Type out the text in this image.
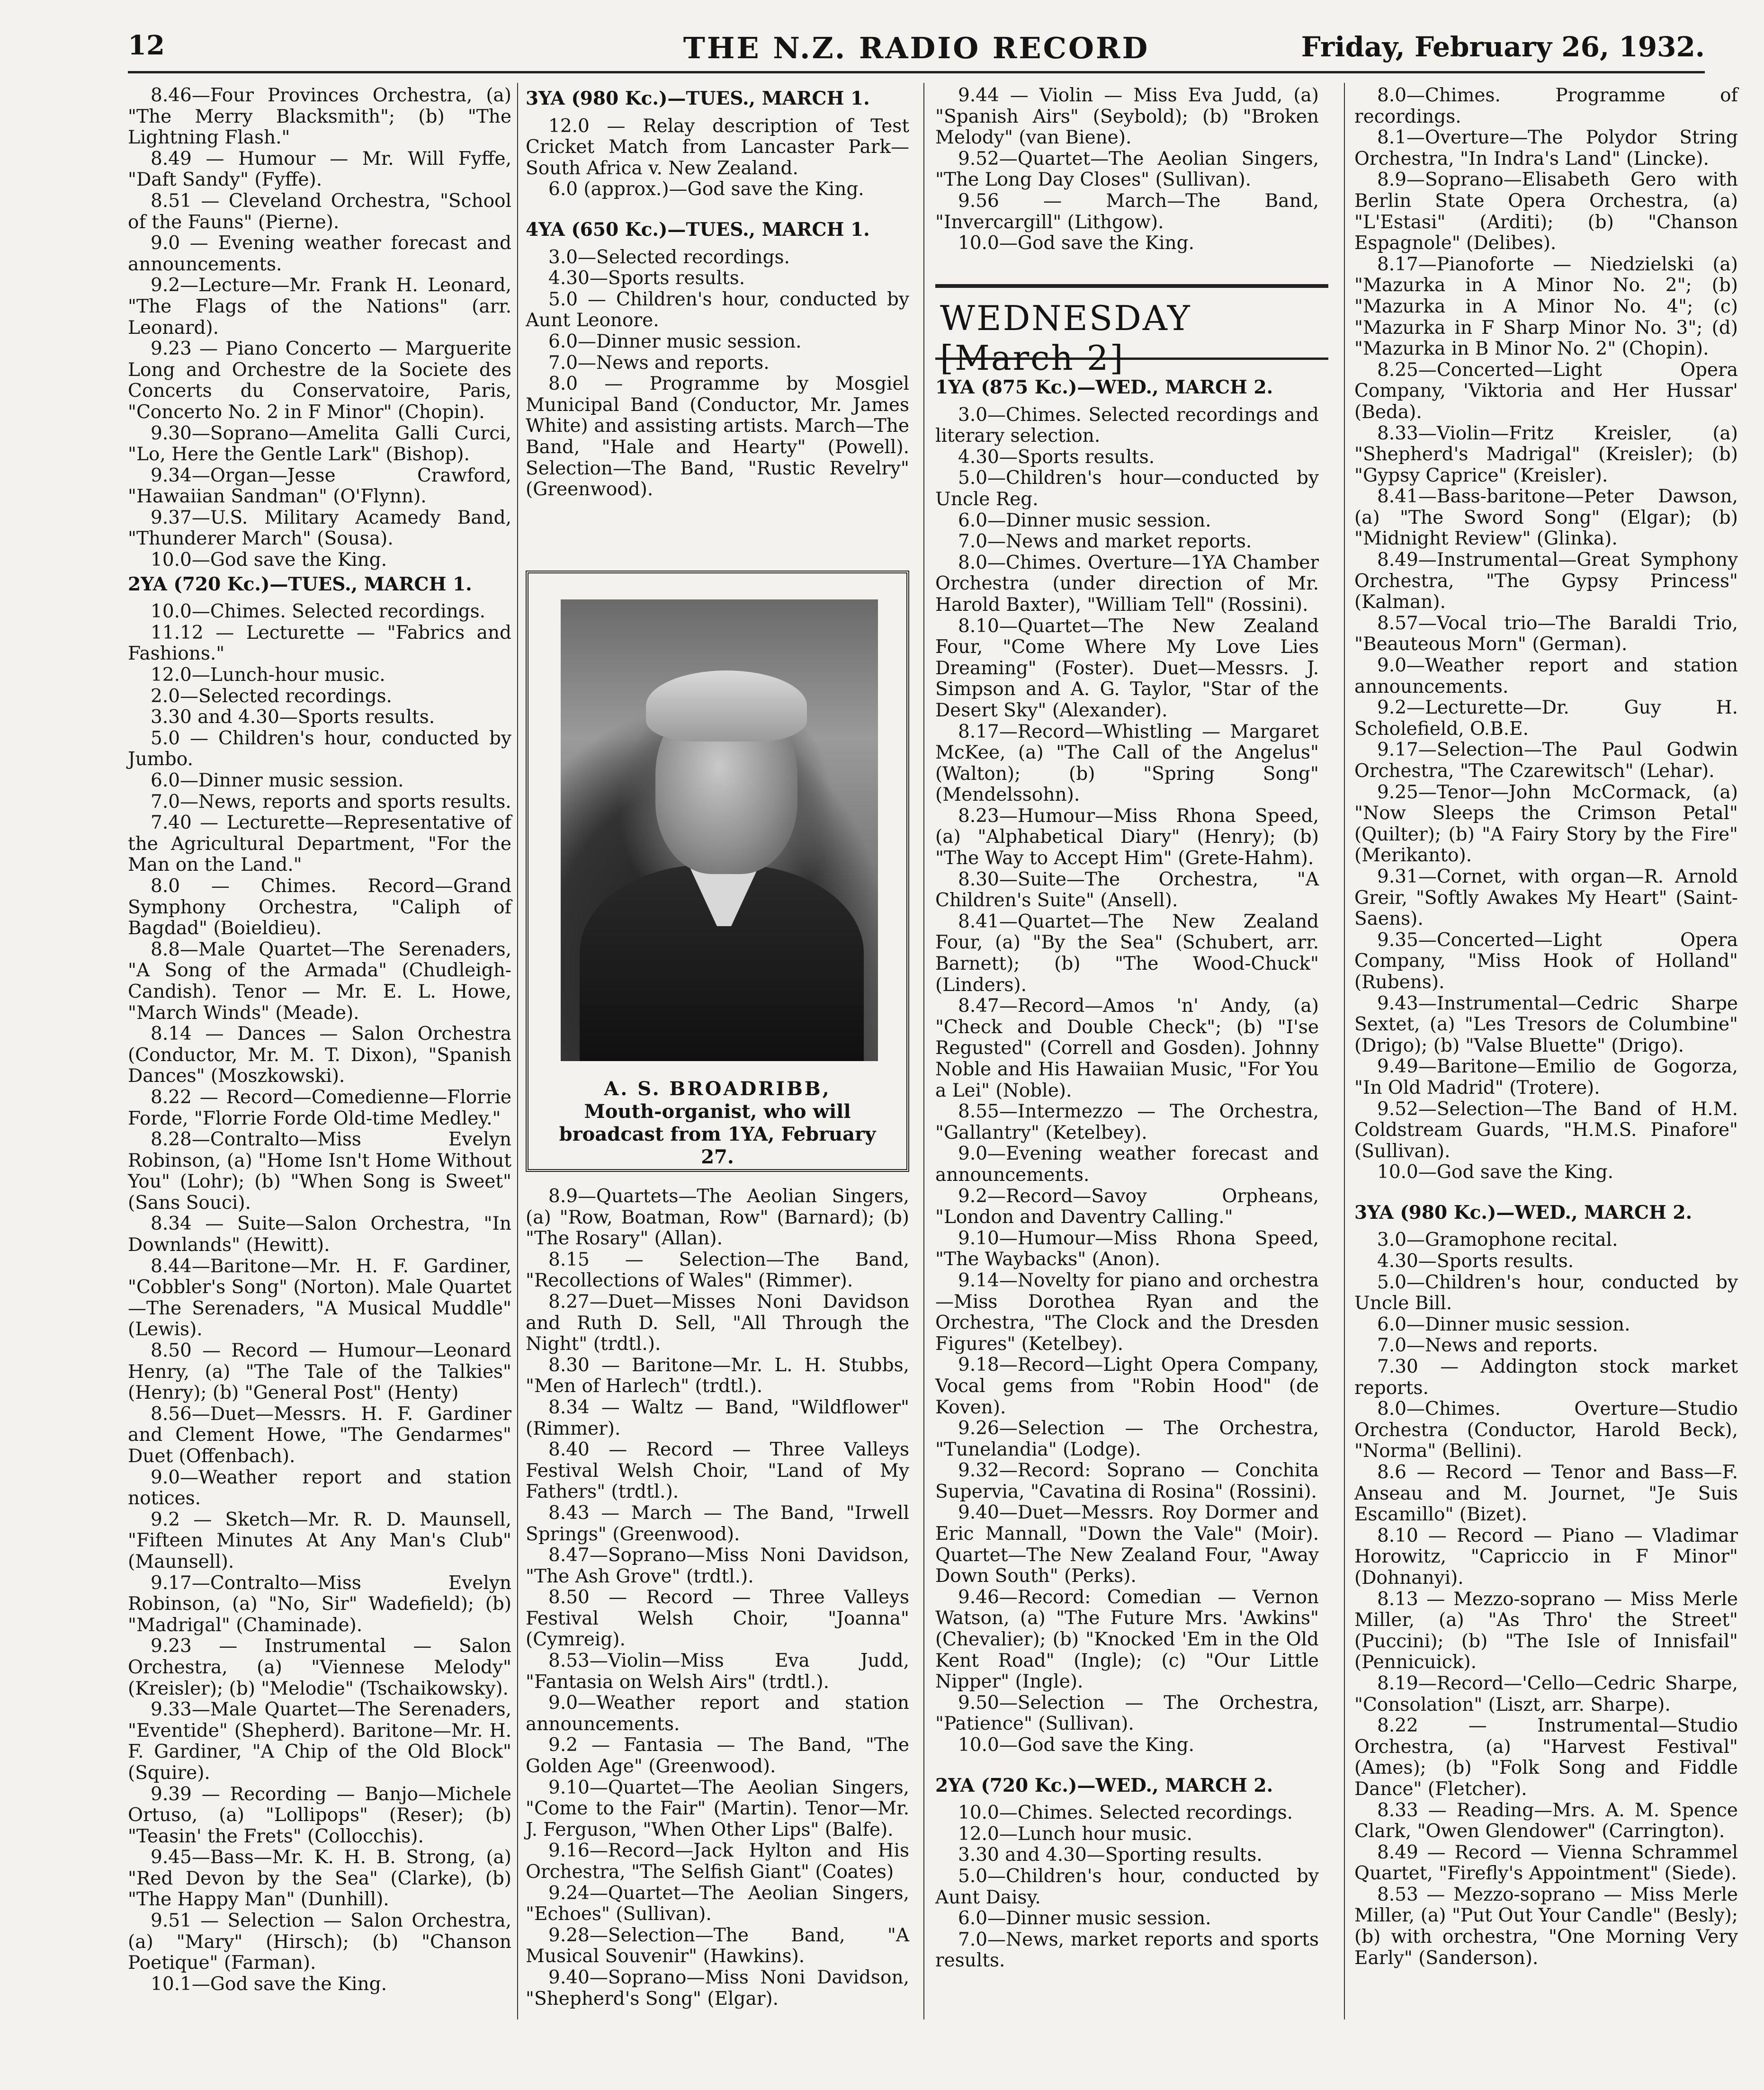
12	THE N.Z. RADIO RECORD	Friday, February 26, 1932.

8.46—Four Provinces Orchestra, (a) "The Merry Blacksmith"; (b) "The Lightning Flash."

8.49 — Humour — Mr. Will Fyffe, "Daft Sandy" (Fyffe).

8.51 — Cleveland Orchestra, "School of the Fauns" (Pierne).

9.0 — Evening weather forecast and announcements.

9.2—Lecture—Mr. Frank H. Leonard, "The Flags of the Nations" (arr. Leonard).

9.23 — Piano Concerto — Marguerite Long and Orchestre de la Societe des Concerts du Conservatoire, Paris, "Concerto No. 2 in F Minor" (Chopin).

9.30—Soprano—Amelita Galli Curci, "Lo, Here the Gentle Lark" (Bishop).

9.34—Organ—Jesse Crawford, "Hawaiian Sandman" (O'Flynn).

9.37—U.S. Military Acamedy Band, "Thunderer March" (Sousa).

10.0—God save the King.

2YA (720 Kc.)—TUES., MARCH 1.

10.0—Chimes. Selected recordings.

11.12 — Lecturette — "Fabrics and Fashions."

12.0—Lunch-hour music.

2.0—Selected recordings.

3.30 and 4.30—Sports results.

5.0 — Children's hour, conducted by Jumbo.

6.0—Dinner music session.

7.0—News, reports and sports results.

7.40 — Lecturette—Representative of the Agricultural Department, "For the Man on the Land."

8.0 — Chimes. Record—Grand Symphony Orchestra, "Caliph of Bagdad" (Boieldieu).

8.8—Male Quartet—The Serenaders, "A Song of the Armada" (Chudleigh-Candish). Tenor — Mr. E. L. Howe, "March Winds" (Meade).

8.14 — Dances — Salon Orchestra (Conductor, Mr. M. T. Dixon), "Spanish Dances" (Moszkowski).

8.22 — Record—Comedienne—Florrie Forde, "Florrie Forde Old-time Medley."

8.28—Contralto—Miss Evelyn Robinson, (a) "Home Isn't Home Without You" (Lohr); (b) "When Song is Sweet" (Sans Souci).

8.34 — Suite—Salon Orchestra, "In Downlands" (Hewitt).

8.44—Baritone—Mr. H. F. Gardiner, "Cobbler's Song" (Norton). Male Quartet—The Serenaders, "A Musical Muddle" (Lewis).

8.50 — Record — Humour—Leonard Henry, (a) "The Tale of the Talkies" (Henry); (b) "General Post" (Henty)

8.56—Duet—Messrs. H. F. Gardiner and Clement Howe, "The Gendarmes" Duet (Offenbach).

9.0—Weather report and station notices.

9.2 — Sketch—Mr. R. D. Maunsell, "Fifteen Minutes At Any Man's Club" (Maunsell).

9.17—Contralto—Miss Evelyn Robinson, (a) "No, Sir" Wadefield); (b) "Madrigal" (Chaminade).

9.23 — Instrumental — Salon Orchestra, (a) "Viennese Melody" (Kreisler); (b) "Melodie" (Tschaikowsky).

9.33—Male Quartet—The Serenaders, "Eventide" (Shepherd). Baritone—Mr. H. F. Gardiner, "A Chip of the Old Block" (Squire).

9.39 — Recording — Banjo—Michele Ortuso, (a) "Lollipops" (Reser); (b) "Teasin' the Frets" (Collocchis).

9.45—Bass—Mr. K. H. B. Strong, (a) "Red Devon by the Sea" (Clarke), (b) "The Happy Man" (Dunhill).

9.51 — Selection — Salon Orchestra, (a) "Mary" (Hirsch); (b) "Chanson Poetique" (Farman).

10.1—God save the King.

3YA (980 Kc.)—TUES., MARCH 1.

12.0 — Relay description of Test Cricket Match from Lancaster Park—South Africa v. New Zealand.

6.0 (approx.)—God save the King.

4YA (650 Kc.)—TUES., MARCH 1.

3.0—Selected recordings.

4.30—Sports results.

5.0 — Children's hour, conducted by Aunt Leonore.

6.0—Dinner music session.

7.0—News and reports.

8.0 — Programme by Mosgiel Municipal Band (Conductor, Mr. James White) and assisting artists. March—The Band, "Hale and Hearty" (Powell). Selection—The Band, "Rustic Revelry" (Greenwood).

8.9—Quartets—The Aeolian Singers, (a) "Row, Boatman, Row" (Barnard); (b) "The Rosary" (Allan).

8.15 — Selection—The Band, "Recollections of Wales" (Rimmer).

8.27—Duet—Misses Noni Davidson and Ruth D. Sell, "All Through the Night" (trdtl.).

8.30 — Baritone—Mr. L. H. Stubbs, "Men of Harlech" (trdtl.).

8.34 — Waltz — Band, "Wildflower" (Rimmer).

8.40 — Record — Three Valleys Festival Welsh Choir, "Land of My Fathers" (trdtl.).

8.43 — March — The Band, "Irwell Springs" (Greenwood).

8.47—Soprano—Miss Noni Davidson, "The Ash Grove" (trdtl.).

8.50 — Record — Three Valleys Festival Welsh Choir, "Joanna" (Cymreig).

8.53—Violin—Miss Eva Judd, "Fantasia on Welsh Airs" (trdtl.).

9.0—Weather report and station announcements.

9.2 — Fantasia — The Band, "The Golden Age" (Greenwood).

9.10—Quartet—The Aeolian Singers, "Come to the Fair" (Martin). Tenor—Mr. J. Ferguson, "When Other Lips" (Balfe).

9.16—Record—Jack Hylton and His Orchestra, "The Selfish Giant" (Coates)

9.24—Quartet—The Aeolian Singers, "Echoes" (Sullivan).

9.28—Selection—The Band, "A Musical Souvenir" (Hawkins).

9.40—Soprano—Miss Noni Davidson, "Shepherd's Song" (Elgar).

A. S. BROADRIBB,
Mouth-organist, who will broadcast from 1YA, February 27.

9.44 — Violin — Miss Eva Judd, (a) "Spanish Airs" (Seybold); (b) "Broken Melody" (van Biene).

9.52—Quartet—The Aeolian Singers, "The Long Day Closes" (Sullivan).

9.56 — March—The Band, "Invercargill" (Lithgow).

10.0—God save the King.

WEDNESDAY [March 2]

1YA (875 Kc.)—WED., MARCH 2.

3.0—Chimes. Selected recordings and literary selection.

4.30—Sports results.

5.0—Children's hour—conducted by Uncle Reg.

6.0—Dinner music session.

7.0—News and market reports.

8.0—Chimes. Overture—1YA Chamber Orchestra (under direction of Mr. Harold Baxter), "William Tell" (Rossini).

8.10—Quartet—The New Zealand Four, "Come Where My Love Lies Dreaming" (Foster). Duet—Messrs. J. Simpson and A. G. Taylor, "Star of the Desert Sky" (Alexander).

8.17—Record—Whistling — Margaret McKee, (a) "The Call of the Angelus" (Walton); (b) "Spring Song" (Mendelssohn).

8.23—Humour—Miss Rhona Speed, (a) "Alphabetical Diary" (Henry); (b) "The Way to Accept Him" (Grete-Hahm).

8.30—Suite—The Orchestra, "A Children's Suite" (Ansell).

8.41—Quartet—The New Zealand Four, (a) "By the Sea" (Schubert, arr. Barnett); (b) "The Wood-Chuck" (Linders).

8.47—Record—Amos 'n' Andy, (a) "Check and Double Check"; (b) "I'se Regusted" (Correll and Gosden). Johnny Noble and His Hawaiian Music, "For You a Lei" (Noble).

8.55—Intermezzo — The Orchestra, "Gallantry" (Ketelbey).

9.0—Evening weather forecast and announcements.

9.2—Record—Savoy Orpheans, "London and Daventry Calling."

9.10—Humour—Miss Rhona Speed, "The Waybacks" (Anon).

9.14—Novelty for piano and orchestra—Miss Dorothea Ryan and the Orchestra, "The Clock and the Dresden Figures" (Ketelbey).

9.18—Record—Light Opera Company, Vocal gems from "Robin Hood" (de Koven).

9.26—Selection — The Orchestra, "Tunelandia" (Lodge).

9.32—Record: Soprano — Conchita Supervia, "Cavatina di Rosina" (Rossini).

9.40—Duet—Messrs. Roy Dormer and Eric Mannall, "Down the Vale" (Moir). Quartet—The New Zealand Four, "Away Down South" (Perks).

9.46—Record: Comedian — Vernon Watson, (a) "The Future Mrs. 'Awkins" (Chevalier); (b) "Knocked 'Em in the Old Kent Road" (Ingle); (c) "Our Little Nipper" (Ingle).

9.50—Selection — The Orchestra, "Patience" (Sullivan).

10.0—God save the King.

2YA (720 Kc.)—WED., MARCH 2.

10.0—Chimes. Selected recordings.

12.0—Lunch hour music.

3.30 and 4.30—Sporting results.

5.0—Children's hour, conducted by Aunt Daisy.

6.0—Dinner music session.

7.0—News, market reports and sports results.

8.0—Chimes. Programme of recordings.

8.1—Overture—The Polydor String Orchestra, "In Indra's Land" (Lincke).

8.9—Soprano—Elisabeth Gero with Berlin State Opera Orchestra, (a) "L'Estasi" (Arditi); (b) "Chanson Espagnole" (Delibes).

8.17—Pianoforte — Niedzielski (a) "Mazurka in A Minor No. 2"; (b) "Mazurka in A Minor No. 4"; (c) "Mazurka in F Sharp Minor No. 3"; (d) "Mazurka in B Minor No. 2" (Chopin).

8.25—Concerted—Light Opera Company, 'Viktoria and Her Hussar' (Beda).

8.33—Violin—Fritz Kreisler, (a) "Shepherd's Madrigal" (Kreisler); (b) "Gypsy Caprice" (Kreisler).

8.41—Bass-baritone—Peter Dawson, (a) "The Sword Song" (Elgar); (b) "Midnight Review" (Glinka).

8.49—Instrumental—Great Symphony Orchestra, "The Gypsy Princess" (Kalman).

8.57—Vocal trio—The Baraldi Trio, "Beauteous Morn" (German).

9.0—Weather report and station announcements.

9.2—Lecturette—Dr. Guy H. Scholefield, O.B.E.

9.17—Selection—The Paul Godwin Orchestra, "The Czarewitsch" (Lehar).

9.25—Tenor—John McCormack, (a) "Now Sleeps the Crimson Petal" (Quilter); (b) "A Fairy Story by the Fire" (Merikanto).

9.31—Cornet, with organ—R. Arnold Greir, "Softly Awakes My Heart" (Saint-Saens).

9.35—Concerted—Light Opera Company, "Miss Hook of Holland" (Rubens).

9.43—Instrumental—Cedric Sharpe Sextet, (a) "Les Tresors de Columbine" (Drigo); (b) "Valse Bluette" (Drigo).

9.49—Baritone—Emilio de Gogorza, "In Old Madrid" (Trotere).

9.52—Selection—The Band of H.M. Coldstream Guards, "H.M.S. Pinafore" (Sullivan).

10.0—God save the King.

3YA (980 Kc.)—WED., MARCH 2.

3.0—Gramophone recital.

4.30—Sports results.

5.0—Children's hour, conducted by Uncle Bill.

6.0—Dinner music session.

7.0—News and reports.

7.30 — Addington stock market reports.

8.0—Chimes. Overture—Studio Orchestra (Conductor, Harold Beck), "Norma" (Bellini).

8.6 — Record — Tenor and Bass—F. Anseau and M. Journet, "Je Suis Escamillo" (Bizet).

8.10 — Record — Piano — Vladimar Horowitz, "Capriccio in F Minor" (Dohnanyi).

8.13 — Mezzo-soprano — Miss Merle Miller, (a) "As Thro' the Street" (Puccini); (b) "The Isle of Innisfail" (Pennicuick).

8.19—Record—'Cello—Cedric Sharpe, "Consolation" (Liszt, arr. Sharpe).

8.22 — Instrumental—Studio Orchestra, (a) "Harvest Festival" (Ames); (b) "Folk Song and Fiddle Dance" (Fletcher).

8.33 — Reading—Mrs. A. M. Spence Clark, "Owen Glendower" (Carrington).

8.49 — Record — Vienna Schrammel Quartet, "Firefly's Appointment" (Siede).

8.53 — Mezzo-soprano — Miss Merle Miller, (a) "Put Out Your Candle" (Besly); (b) with orchestra, "One Morning Very Early" (Sanderson).
